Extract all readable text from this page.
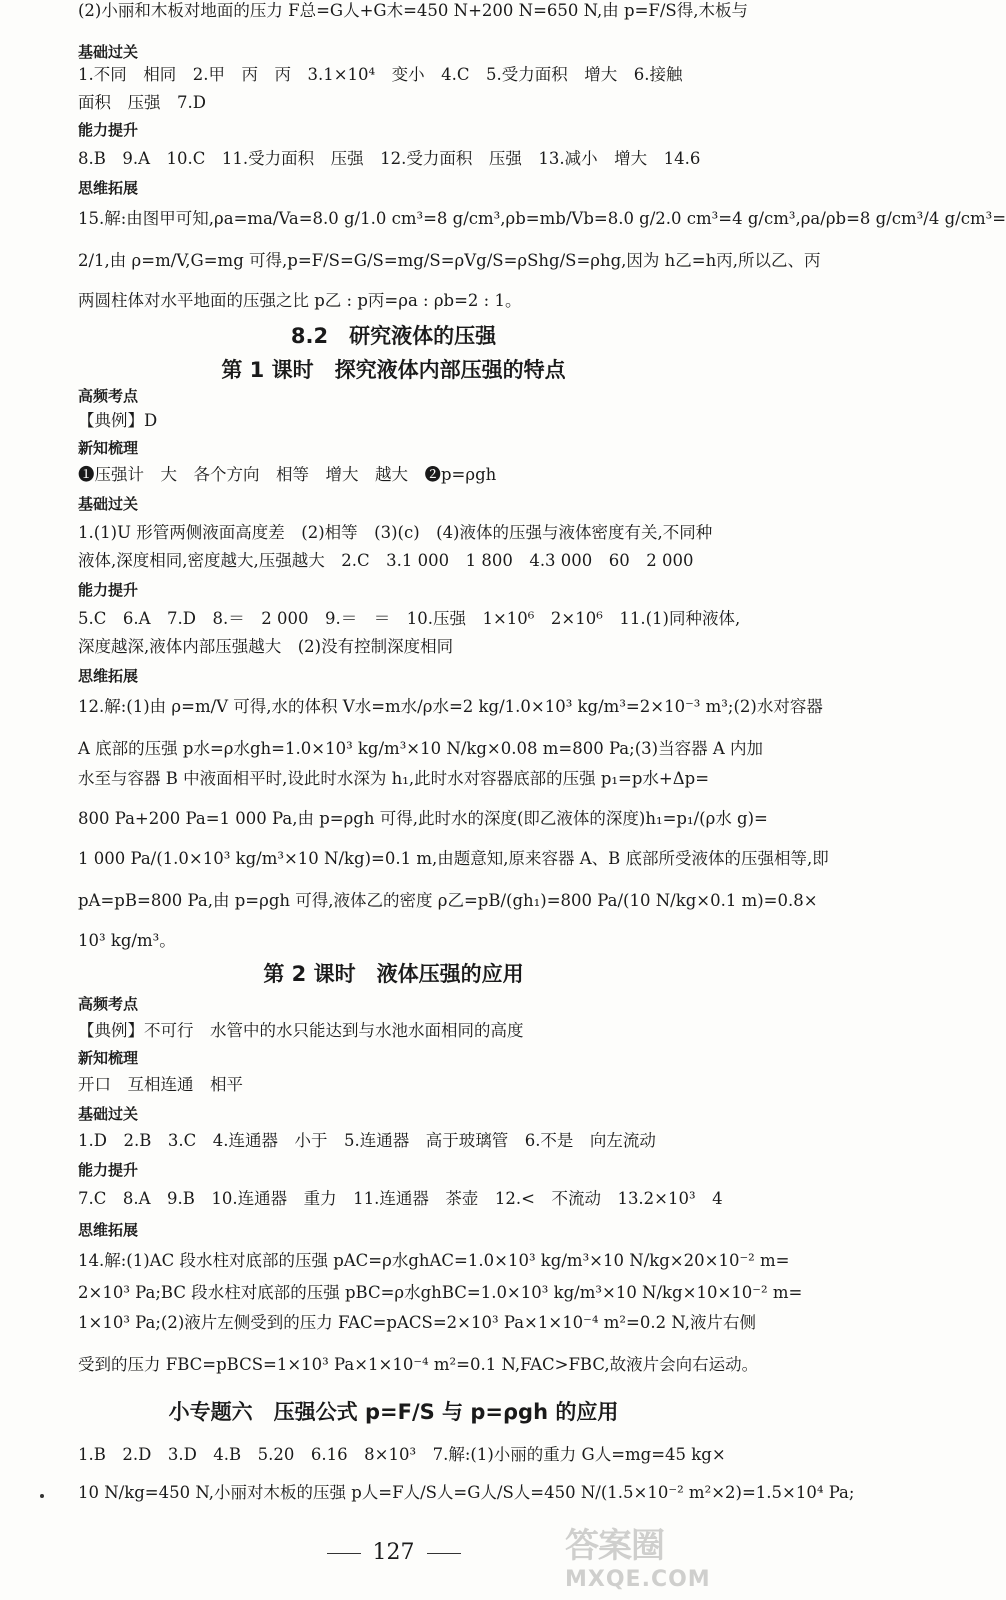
基础过关
1.不同　相同　2.甲　丙　丙　3.1×10⁴　变小　4.C　5.受力面积　增大　6.接触
面积　压强　7.D
能力提升
8.B　9.A　10.C　11.受力面积　压强　12.受力面积　压强　13.减小　增大　14.6
思维拓展
15.解:由图甲可知,ρa=ma/Va=8.0 g/1.0 cm³=8 g/cm³,ρb=mb/Vb=8.0 g/2.0 cm³=4 g/cm³,ρa/ρb=8 g/cm³/4 g/cm³=
2/1,由 ρ=m/V,G=mg 可得,p=F/S=G/S=mg/S=ρVg/S=ρShg/S=ρhg,因为 h乙=h丙,所以乙、丙
两圆柱体对水平地面的压强之比 p乙 : p丙=ρa : ρb=2 : 1。
8.2　研究液体的压强
第 1 课时　探究液体内部压强的特点
高频考点
【典例】D
新知梳理
❶压强计　大　各个方向　相等　增大　越大　❷p=ρgh
基础过关
1.(1)U 形管两侧液面高度差　(2)相等　(3)(c)　(4)液体的压强与液体密度有关,不同种
液体,深度相同,密度越大,压强越大　2.C　3.1 000　1 800　4.3 000　60　2 000
能力提升
5.C　6.A　7.D　8.＝　2 000　9.＝　＝　10.压强　1×10⁶　2×10⁶　11.(1)同种液体,
深度越深,液体内部压强越大　(2)没有控制深度相同
思维拓展
12.解:(1)由 ρ=m/V 可得,水的体积 V水=m水/ρ水=2 kg/1.0×10³ kg/m³=2×10⁻³ m³;(2)水对容器
A 底部的压强 p水=ρ水gh=1.0×10³ kg/m³×10 N/kg×0.08 m=800 Pa;(3)当容器 A 内加
水至与容器 B 中液面相平时,设此时水深为 h₁,此时水对容器底部的压强 p₁=p水+Δp=
800 Pa+200 Pa=1 000 Pa,由 p=ρgh 可得,此时水的深度(即乙液体的深度)h₁=p₁/(ρ水 g)=
1 000 Pa/(1.0×10³ kg/m³×10 N/kg)=0.1 m,由题意知,原来容器 A、B 底部所受液体的压强相等,即
pA=pB=800 Pa,由 p=ρgh 可得,液体乙的密度 ρ乙=pB/(gh₁)=800 Pa/(10 N/kg×0.1 m)=0.8×
10³ kg/m³。
第 2 课时　液体压强的应用
高频考点
【典例】不可行　水管中的水只能达到与水池水面相同的高度
新知梳理
开口　互相连通　相平
基础过关
1.D　2.B　3.C　4.连通器　小于　5.连通器　高于玻璃管　6.不是　向左流动
能力提升
7.C　8.A　9.B　10.连通器　重力　11.连通器　茶壶　12.<　不流动　13.2×10³　4
思维拓展
14.解:(1)AC 段水柱对底部的压强 pAC=ρ水ghAC=1.0×10³ kg/m³×10 N/kg×20×10⁻² m=
2×10³ Pa;BC 段水柱对底部的压强 pBC=ρ水ghBC=1.0×10³ kg/m³×10 N/kg×10×10⁻² m=
1×10³ Pa;(2)液片左侧受到的压力 FAC=pACS=2×10³ Pa×1×10⁻⁴ m²=0.2 N,液片右侧
受到的压力 FBC=pBCS=1×10³ Pa×1×10⁻⁴ m²=0.1 N,FAC>FBC,故液片会向右运动。
小专题六　压强公式 p=F/S 与 p=ρgh 的应用
1.B　2.D　3.D　4.B　5.20　6.16　8×10³　7.解:(1)小丽的重力 G人=mg=45 kg×
10 N/kg=450 N,小丽对木板的压强 p人=F人/S人=G人/S人=450 N/(1.5×10⁻² m²×2)=1.5×10⁴ Pa;
(2)小丽和木板对地面的压力 F总=G人+G木=450 N+200 N=650 N,由 p=F/S得,木板与
127	答案圈
MXQE.COM
